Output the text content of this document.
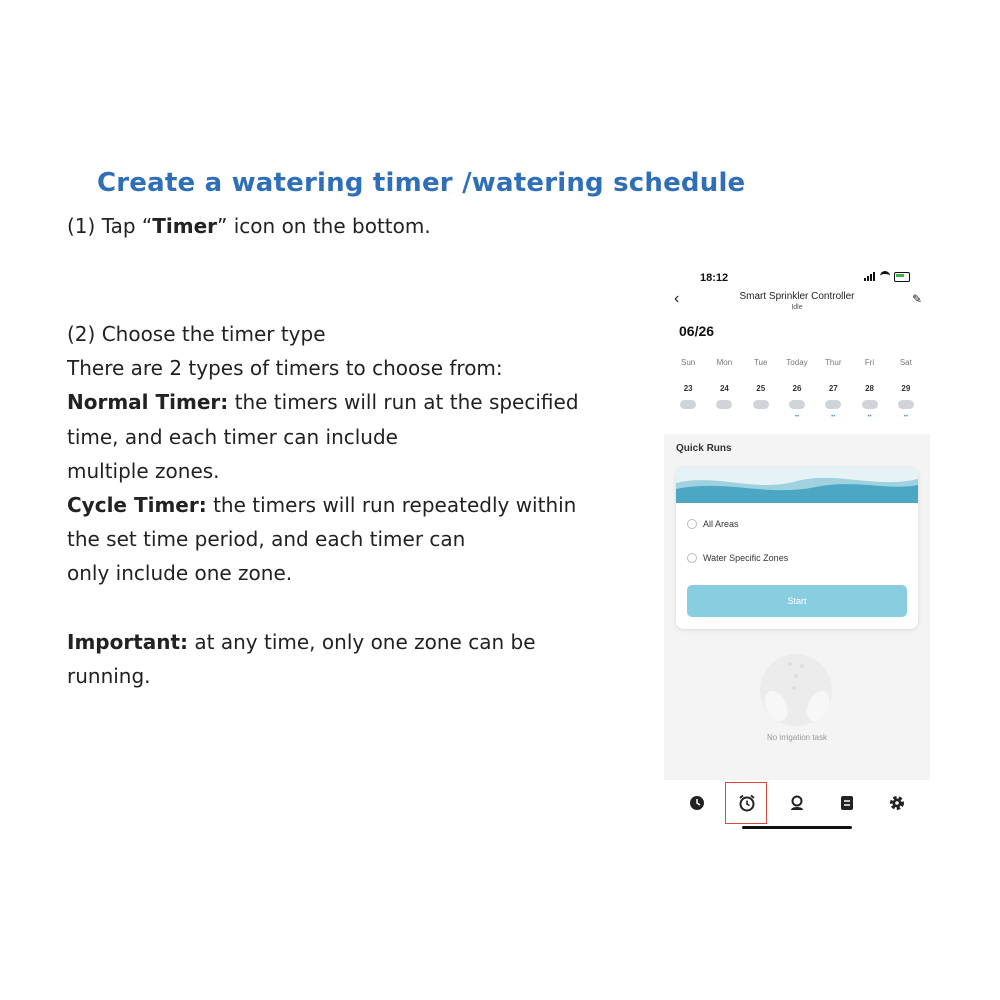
Create a watering timer /watering schedule
(1) Tap “Timer” icon on the bottom.
(2) Choose the timer type
There are 2 types of timers to choose from:
Normal Timer: the timers will run at the specified
time, and each timer can include
multiple zones.
Cycle Timer: the timers will run repeatedly within
the set time period, and each timer can
only include one zone.
Important: at any time, only one zone can be
running.
18:12
‹	Smart Sprinkler Controller
Idle
✎
06/26
Sun
23
Mon
24
Tue
25
Today
26
••
Thur
27
••
Fri
28
••
Sat
29
••
Quick Runs
All Areas
Water Specific Zones
Start
No irrigation task
